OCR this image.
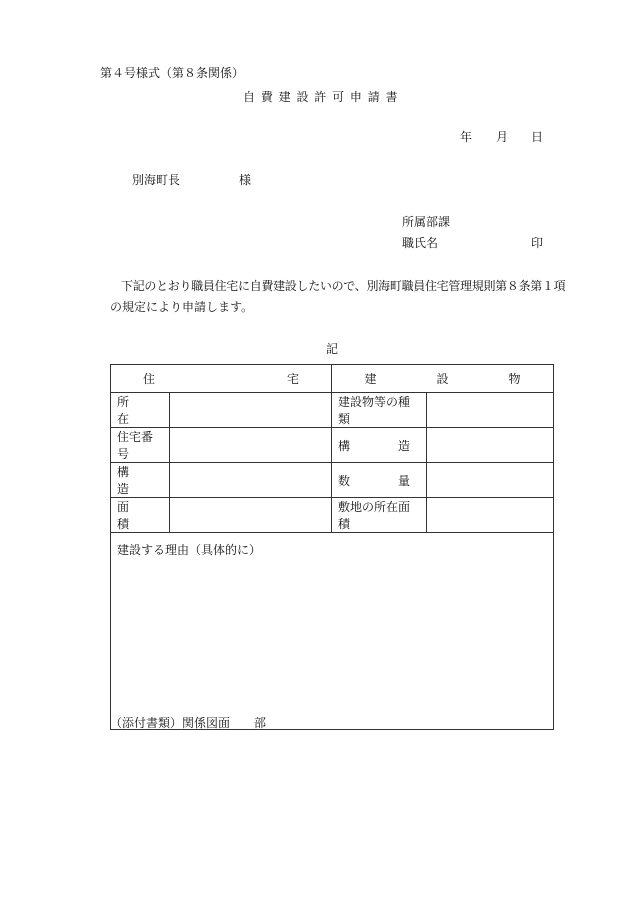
第４号様式（第８条関係）
自 費 建 設 許 可 申 請 書
年 月 日
別海町長	様
所属部課
職氏名	印
下記のとおり職員住宅に自費建設したいので、別海町職員住宅管理規則第８条第１項
の規定により申請します。
記
住　　　　　　　　　　　宅		建　　　　　設　　　　　物	
所　　在		建設物等の種類	
住宅番号		構　　　　造	
構　　造		数　　　　量	
面　　積		敷地の所在面積	
建設する理由（具体的に）			
（添付書類）関係図面　　部
